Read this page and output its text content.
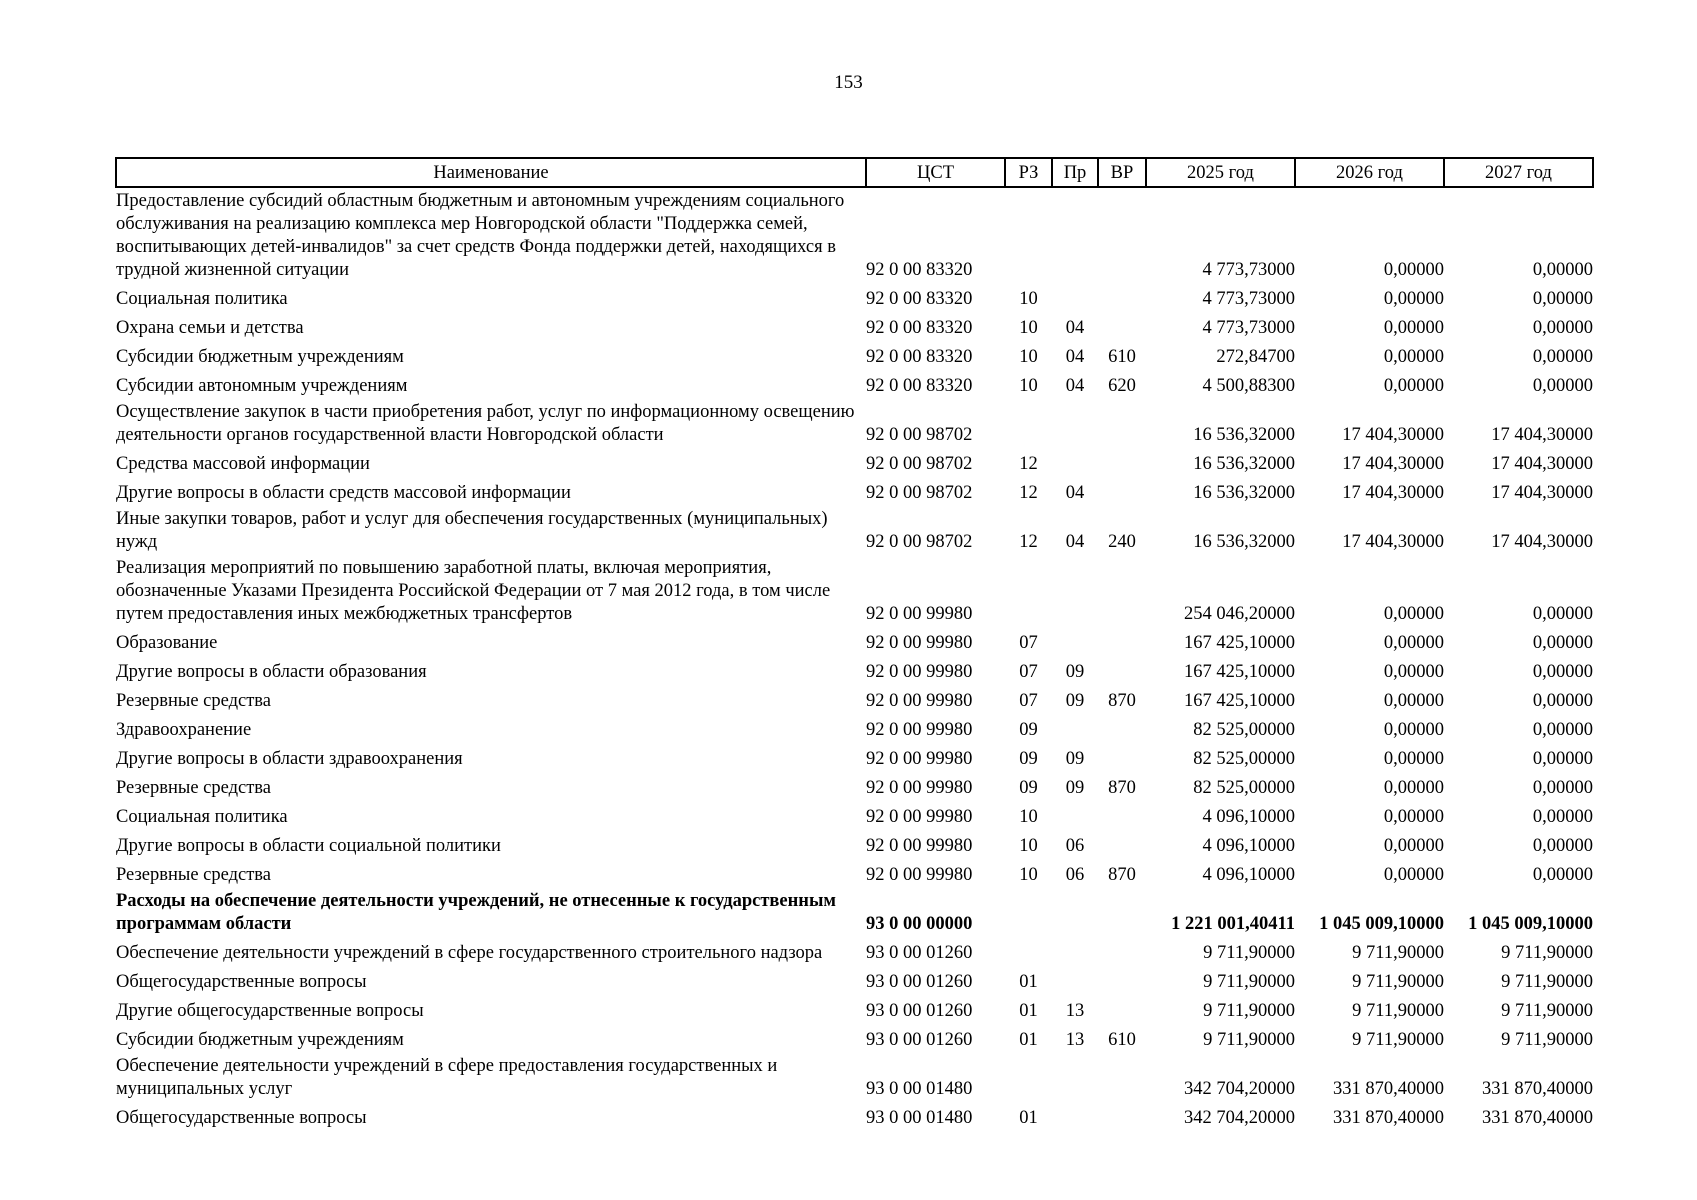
153
Наименование	ЦСТ	РЗ	Пр	ВР	2025 год	2026 год	2027 год
Предоставление субсидий областным бюджетным и автономным учреждениям социального обслуживания на реализацию комплекса мер Новгородской области "Поддержка семей, воспитывающих детей-инвалидов" за счет средств Фонда поддержки детей, находящихся в трудной жизненной ситуации	92 0 00 83320				4 773,73000	0,00000	0,00000
Социальная политика	92 0 00 83320	10			4 773,73000	0,00000	0,00000
Охрана семьи и детства	92 0 00 83320	10	04		4 773,73000	0,00000	0,00000
Субсидии бюджетным учреждениям	92 0 00 83320	10	04	610	272,84700	0,00000	0,00000
Субсидии автономным учреждениям	92 0 00 83320	10	04	620	4 500,88300	0,00000	0,00000
Осуществление закупок в части приобретения работ, услуг по информационному освещению деятельности органов государственной власти Новгородской области	92 0 00 98702				16 536,32000	17 404,30000	17 404,30000
Средства массовой информации	92 0 00 98702	12			16 536,32000	17 404,30000	17 404,30000
Другие вопросы в области средств массовой информации	92 0 00 98702	12	04		16 536,32000	17 404,30000	17 404,30000
Иные закупки товаров, работ и услуг для обеспечения государственных (муниципальных) нужд	92 0 00 98702	12	04	240	16 536,32000	17 404,30000	17 404,30000
Реализация мероприятий по повышению заработной платы, включая мероприятия, обозначенные Указами Президента Российской Федерации от 7 мая 2012 года, в том числе путем предоставления иных межбюджетных трансфертов	92 0 00 99980				254 046,20000	0,00000	0,00000
Образование	92 0 00 99980	07			167 425,10000	0,00000	0,00000
Другие вопросы в области образования	92 0 00 99980	07	09		167 425,10000	0,00000	0,00000
Резервные средства	92 0 00 99980	07	09	870	167 425,10000	0,00000	0,00000
Здравоохранение	92 0 00 99980	09			82 525,00000	0,00000	0,00000
Другие вопросы в области здравоохранения	92 0 00 99980	09	09		82 525,00000	0,00000	0,00000
Резервные средства	92 0 00 99980	09	09	870	82 525,00000	0,00000	0,00000
Социальная политика	92 0 00 99980	10			4 096,10000	0,00000	0,00000
Другие вопросы в области социальной политики	92 0 00 99980	10	06		4 096,10000	0,00000	0,00000
Резервные средства	92 0 00 99980	10	06	870	4 096,10000	0,00000	0,00000
Расходы на обеспечение деятельности учреждений, не отнесенные к государственным программам области	93 0 00 00000				1 221 001,40411	1 045 009,10000	1 045 009,10000
Обеспечение деятельности учреждений в сфере государственного строительного надзора	93 0 00 01260				9 711,90000	9 711,90000	9 711,90000
Общегосударственные вопросы	93 0 00 01260	01			9 711,90000	9 711,90000	9 711,90000
Другие общегосударственные вопросы	93 0 00 01260	01	13		9 711,90000	9 711,90000	9 711,90000
Субсидии бюджетным учреждениям	93 0 00 01260	01	13	610	9 711,90000	9 711,90000	9 711,90000
Обеспечение деятельности учреждений в сфере предоставления государственных и муниципальных услуг	93 0 00 01480				342 704,20000	331 870,40000	331 870,40000
Общегосударственные вопросы	93 0 00 01480	01			342 704,20000	331 870,40000	331 870,40000
